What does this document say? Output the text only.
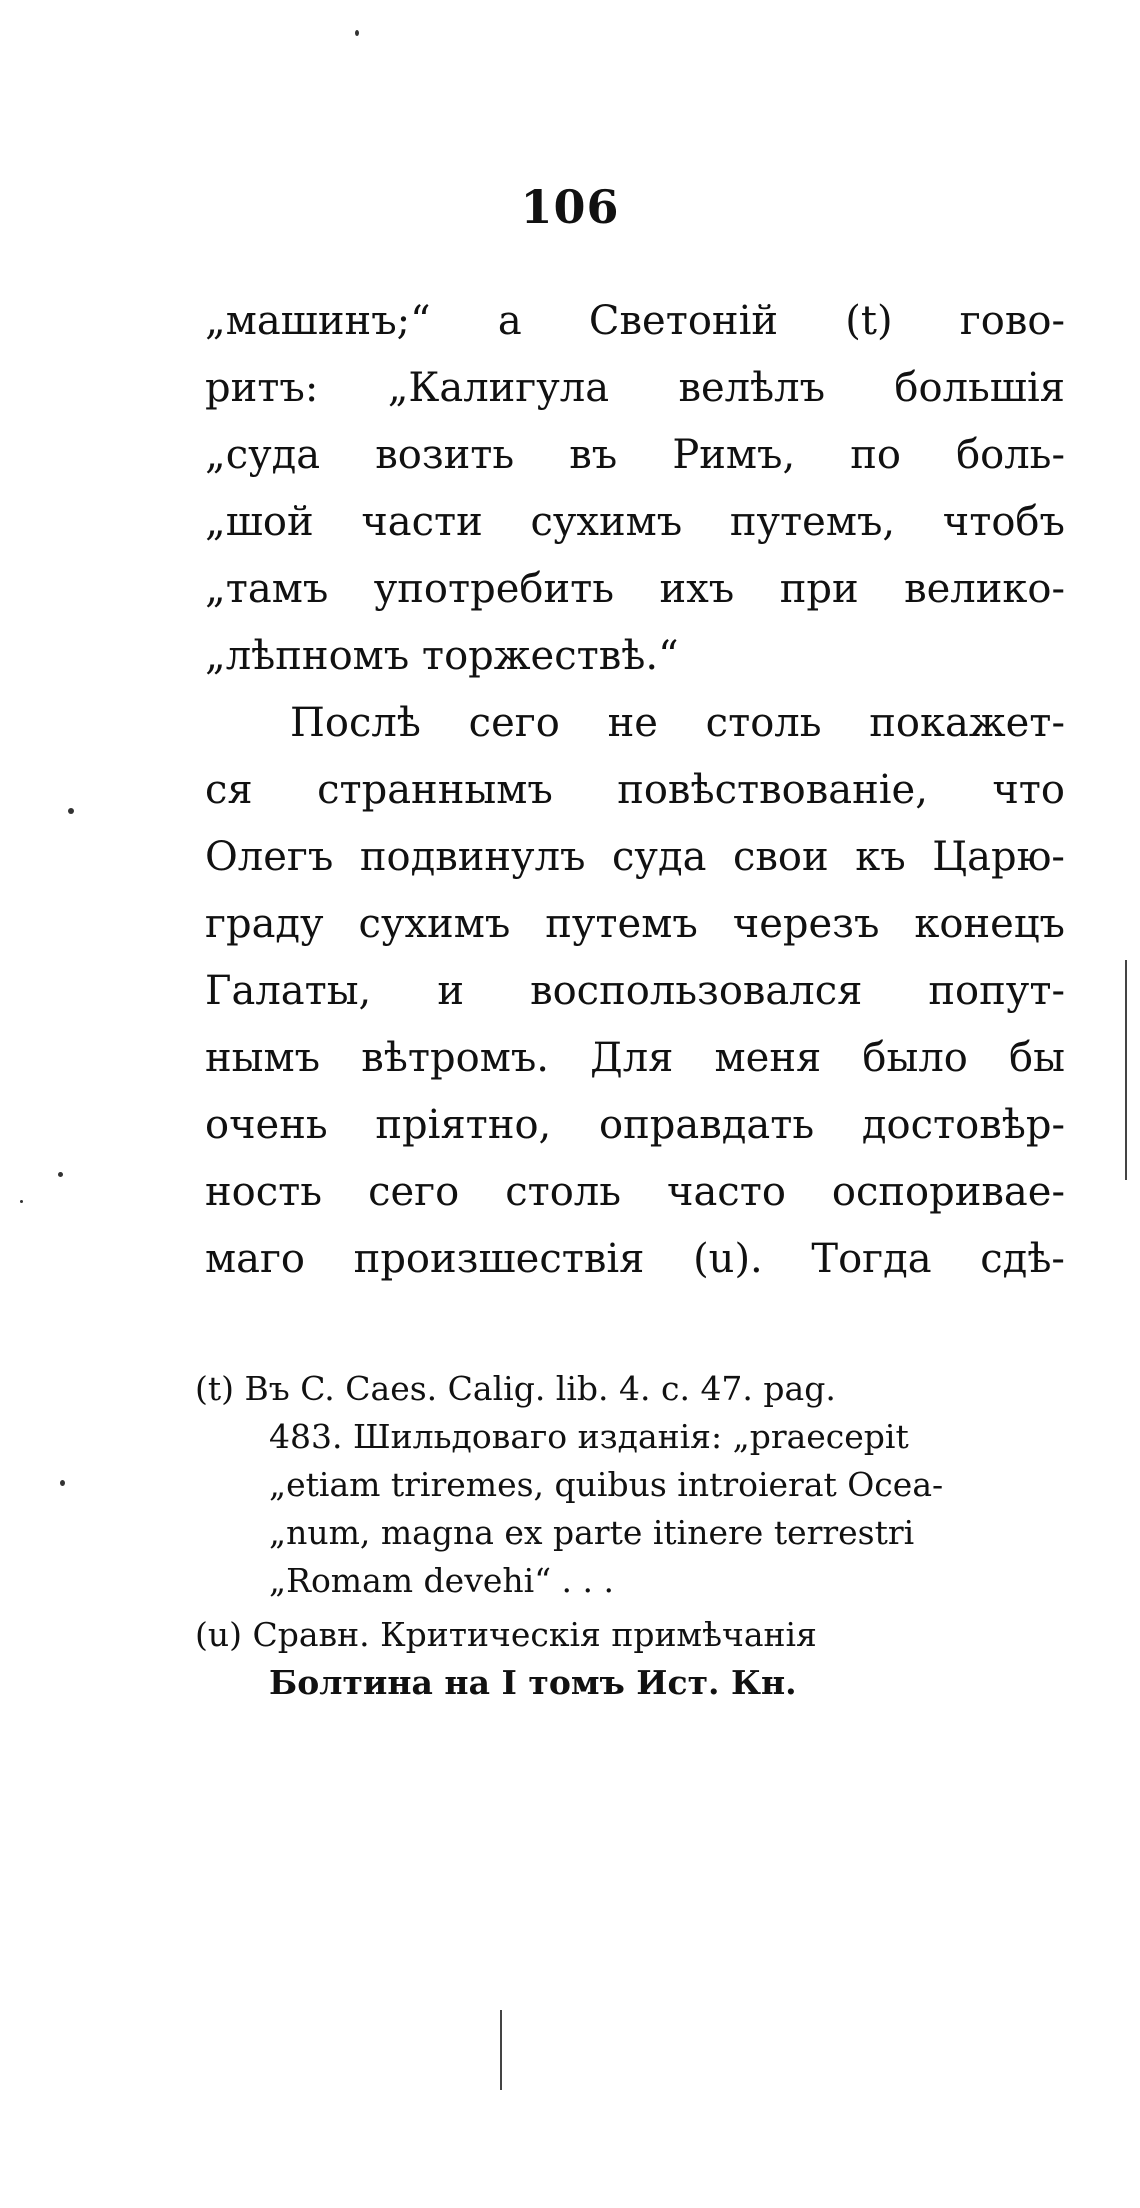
106
„машинъ;“ а Светоній (t) гово-
ритъ: „Калигула велѣлъ большія
„суда возить въ Римъ, по боль-
„шой части сухимъ путемъ, чтобъ
„тамъ употребить ихъ при велико-
„лѣпномъ торжествѣ.“
Послѣ сего не столь покажет-
ся страннымъ повѣствованіе, что
Олегъ подвинулъ суда свои къ Царю-
граду сухимъ путемъ черезъ конецъ
Галаты, и воспользовался попут-
нымъ вѣтромъ. Для меня было бы
очень пріятно, оправдать достовѣр-
ность сего столь часто оспориваe-
маго произшествія (u). Тогда сдѣ-
(t) Въ C. Caes. Calig. lib. 4. c. 47. pag.
483. Шильдоваго изданія: „praecepit
„etiam triremes, quibus introierat Ocea-
„num, magna ex parte itinere terrestri
„Romam devehi“ . . .
(u) Сравн. Критическія примѣчанія
Болтина на I томъ Ист. Кн.
